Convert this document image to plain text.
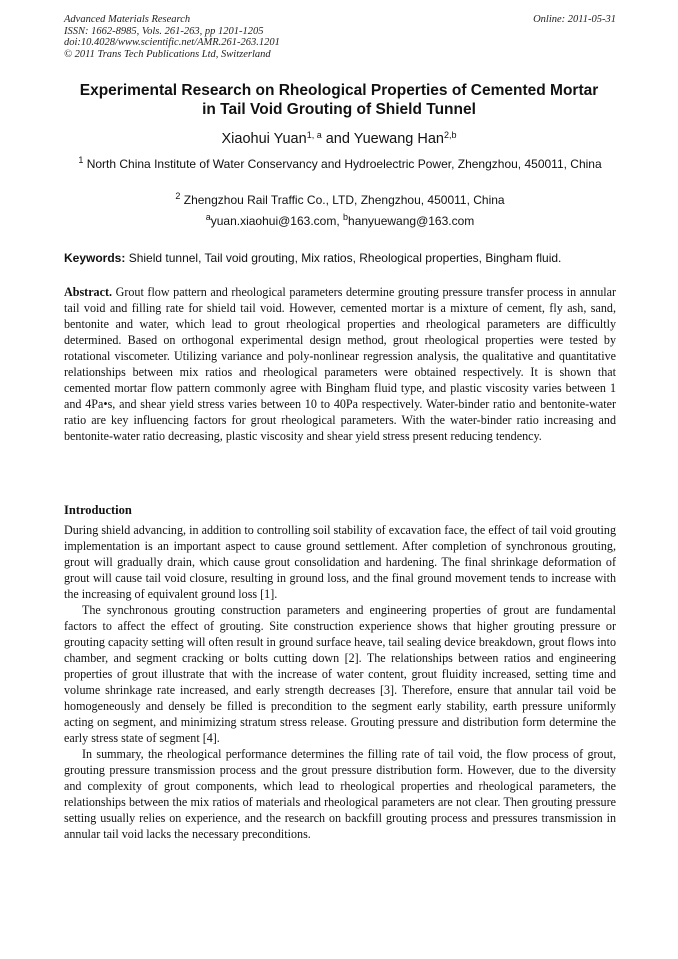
Advanced Materials Research	Online: 2011-05-31
ISSN: 1662-8985, Vols. 261-263, pp 1201-1205
doi:10.4028/www.scientific.net/AMR.261-263.1201
© 2011 Trans Tech Publications Ltd, Switzerland
Experimental Research on Rheological Properties of Cemented Mortar
in Tail Void Grouting of Shield Tunnel
Xiaohui Yuan$^{1, a}$ and Yuewang Han$^{2,b}$
$^1$ North China Institute of Water Conservancy and Hydroelectric Power, Zhengzhou, 450011, China
$^2$ Zhengzhou Rail Traffic Co., LTD, Zhengzhou, 450011, China
$^a$yuan.xiaohui@163.com, $^b$hanyuewang@163.com
Keywords: Shield tunnel, Tail void grouting, Mix ratios, Rheological properties, Bingham fluid.
Abstract. Grout flow pattern and rheological parameters determine grouting pressure transfer process in annular tail void and filling rate for shield tail void. However, cemented mortar is a mixture of cement, fly ash, sand, bentonite and water, which lead to grout rheological properties and rheological parameters are difficultly determined. Based on orthogonal experimental design method, grout rheological properties were tested by rotational viscometer. Utilizing variance and poly-nonlinear regression analysis, the qualitative and quantitative relationships between mix ratios and rheological parameters were obtained respectively. It is shown that cemented mortar flow pattern commonly agree with Bingham fluid type, and plastic viscosity varies between 1 and 4Pa•s, and shear yield stress varies between 10 to 40Pa respectively. Water-binder ratio and bentonite-water ratio are key influencing factors for grout rheological parameters. With the water-binder ratio increasing and bentonite-water ratio decreasing, plastic viscosity and shear yield stress present reducing tendency.
Introduction

During shield advancing, in addition to controlling soil stability of excavation face, the effect of tail void grouting implementation is an important aspect to cause ground settlement. After completion of synchronous grouting, grout will gradually drain, which cause grout consolidation and hardening. The final shrinkage deformation of grout will cause tail void closure, resulting in ground loss, and the final ground movement tends to increase with the increasing of equivalent ground loss [1].

The synchronous grouting construction parameters and engineering properties of grout are fundamental factors to affect the effect of grouting. Site construction experience shows that higher grouting pressure or grouting capacity setting will often result in ground surface heave, tail sealing device breakdown, grout flows into chamber, and segment cracking or bolts cutting down [2]. The relationships between ratios and engineering properties of grout illustrate that with the increase of water content, grout fluidity increased, setting time and volume shrinkage rate increased, and early strength decreases [3]. Therefore, ensure that annular tail void be homogeneously and densely be filled is precondition to the segment early stability, earth pressure uniformly acting on segment, and minimizing stratum stress release. Grouting pressure and distribution form determine the early stress state of segment [4].

In summary, the rheological performance determines the filling rate of tail void, the flow process of grout, grouting pressure transmission process and the grout pressure distribution form. However, due to the diversity and complexity of grout components, which lead to rheological properties and rheological parameters, the relationships between the mix ratios of materials and rheological parameters are not clear. Then grouting pressure setting usually relies on experience, and the research on backfill grouting process and pressures transmission in annular tail void lacks the necessary preconditions.
